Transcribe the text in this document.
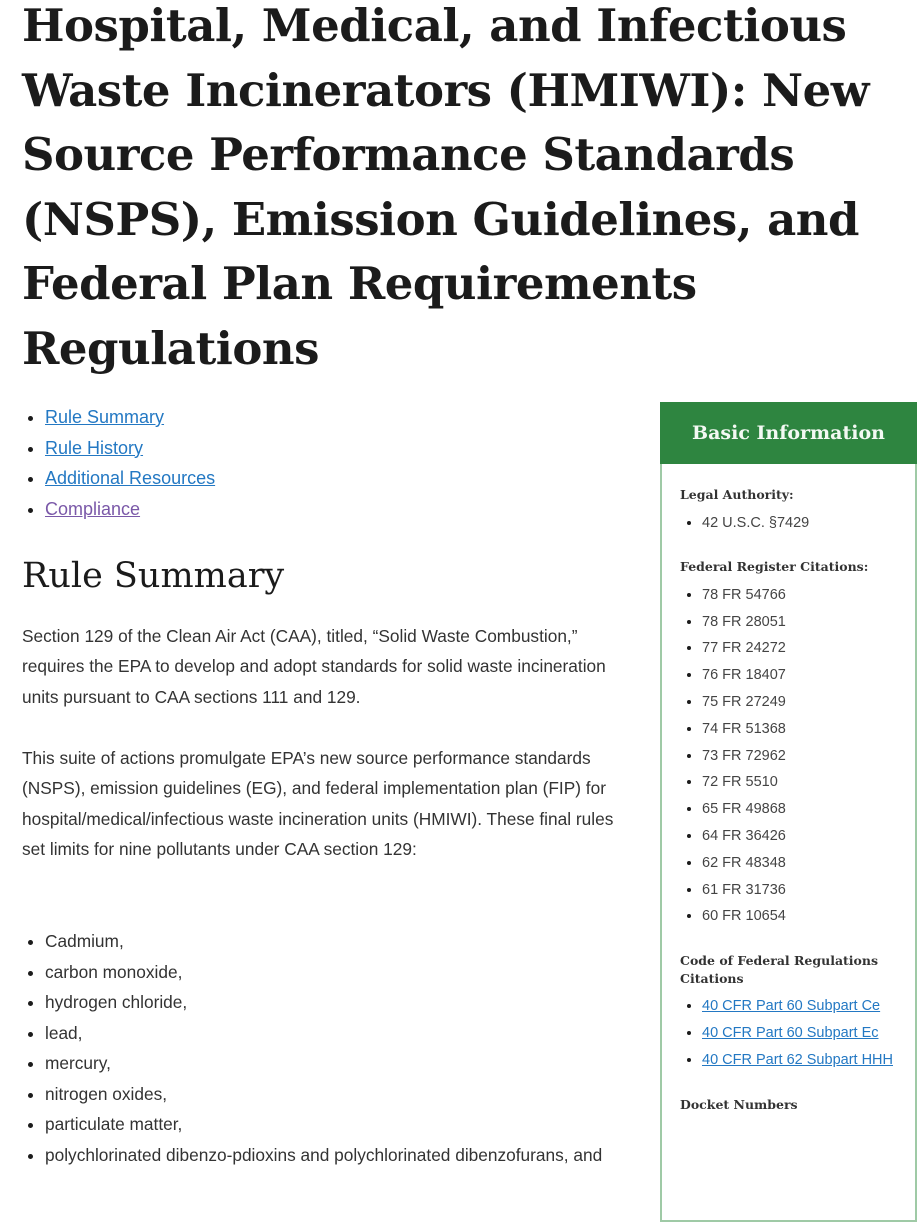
Hospital, Medical, and Infectious Waste Incinerators (HMIWI): New Source Performance Standards (NSPS), Emission Guidelines, and Federal Plan Requirements Regulations
• Rule Summary
• Rule History
• Additional Resources
• Compliance
Rule Summary

Section 129 of the Clean Air Act (CAA), titled, “Solid Waste Combustion,” requires the EPA to develop and adopt standards for solid waste incineration units pursuant to CAA sections 111 and 129.

This suite of actions promulgate EPA’s new source performance standards (NSPS), emission guidelines (EG), and federal implementation plan (FIP) for hospital/medical/infectious waste incineration units (HMIWI). These final rules set limits for nine pollutants under CAA section 129:

• Cadmium,
• carbon monoxide,
• hydrogen chloride,
• lead,
• mercury,
• nitrogen oxides,
• particulate matter,
• polychlorinated dibenzo-pdioxins and polychlorinated dibenzofurans, and
Basic Information
Legal Authority:
• 42 U.S.C. §7429
Federal Register Citations:
• 78 FR 54766
• 78 FR 28051
• 77 FR 24272
• 76 FR 18407
• 75 FR 27249
• 74 FR 51368
• 73 FR 72962
• 72 FR 5510
• 65 FR 49868
• 64 FR 36426
• 62 FR 48348
• 61 FR 31736
• 60 FR 10654
Code of Federal Regulations Citations
• 40 CFR Part 60 Subpart Ce
• 40 CFR Part 60 Subpart Ec
• 40 CFR Part 62 Subpart HHH
Docket Numbers
